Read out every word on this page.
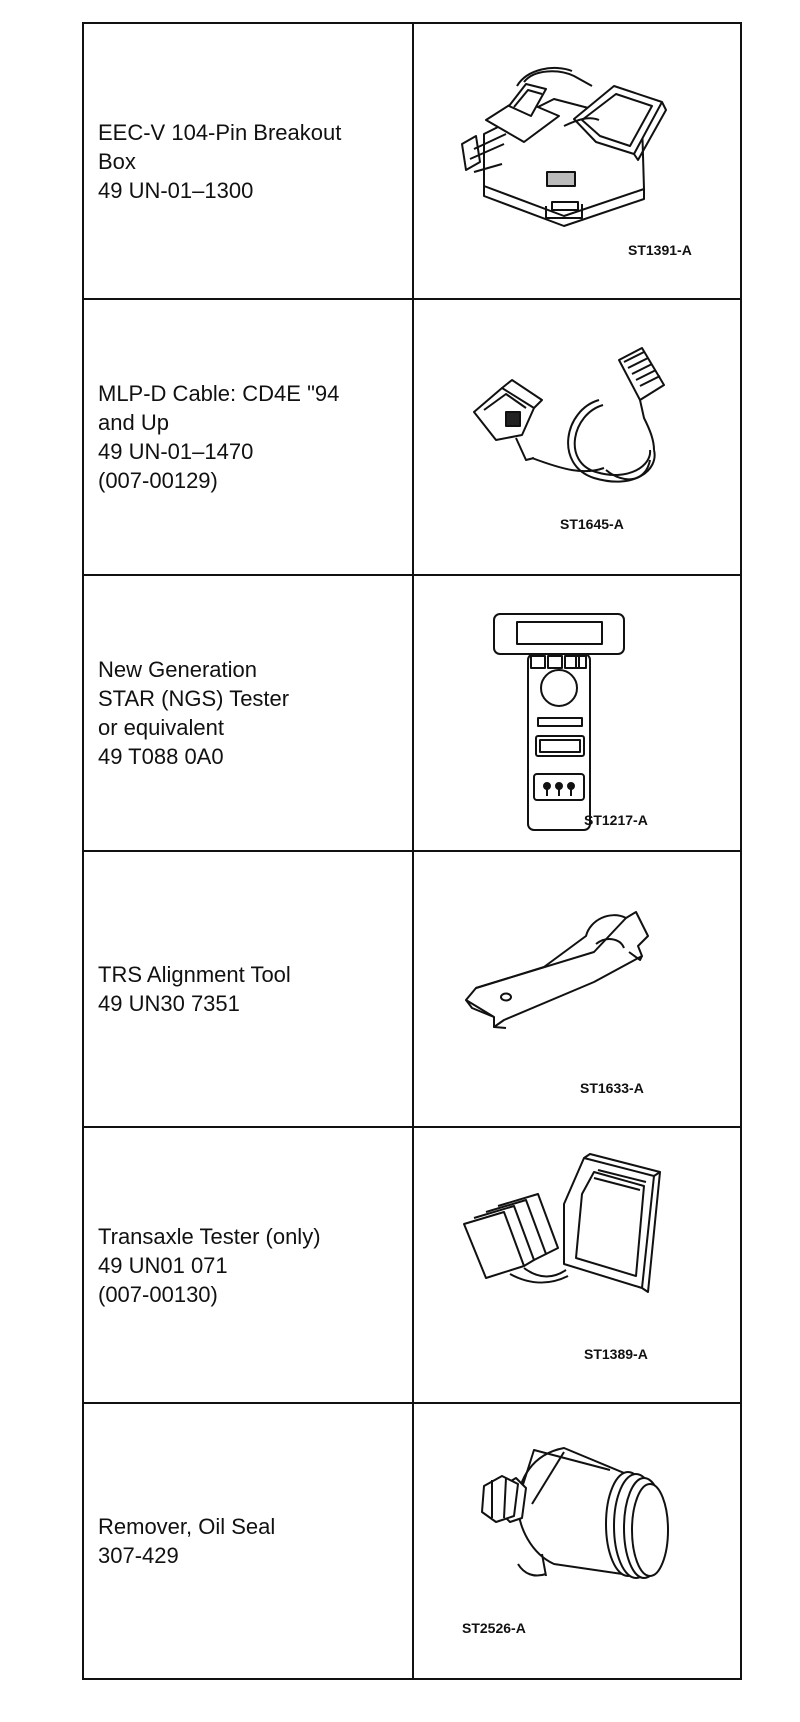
EEC-V 104-Pin Breakout
Box
49 UN-01–1300	ST1391-A

MLP-D Cable: CD4E "94
and Up
49 UN-01–1470
(007-00129)	ST1645-A

New Generation
STAR (NGS) Tester
or equivalent
49 T088 0A0	ST1217-A

TRS Alignment Tool
49 UN30 7351	ST1633-A

Transaxle Tester (only)
49 UN01 071
(007-00130)	ST1389-A

Remover, Oil Seal
307-429	ST2526-A
